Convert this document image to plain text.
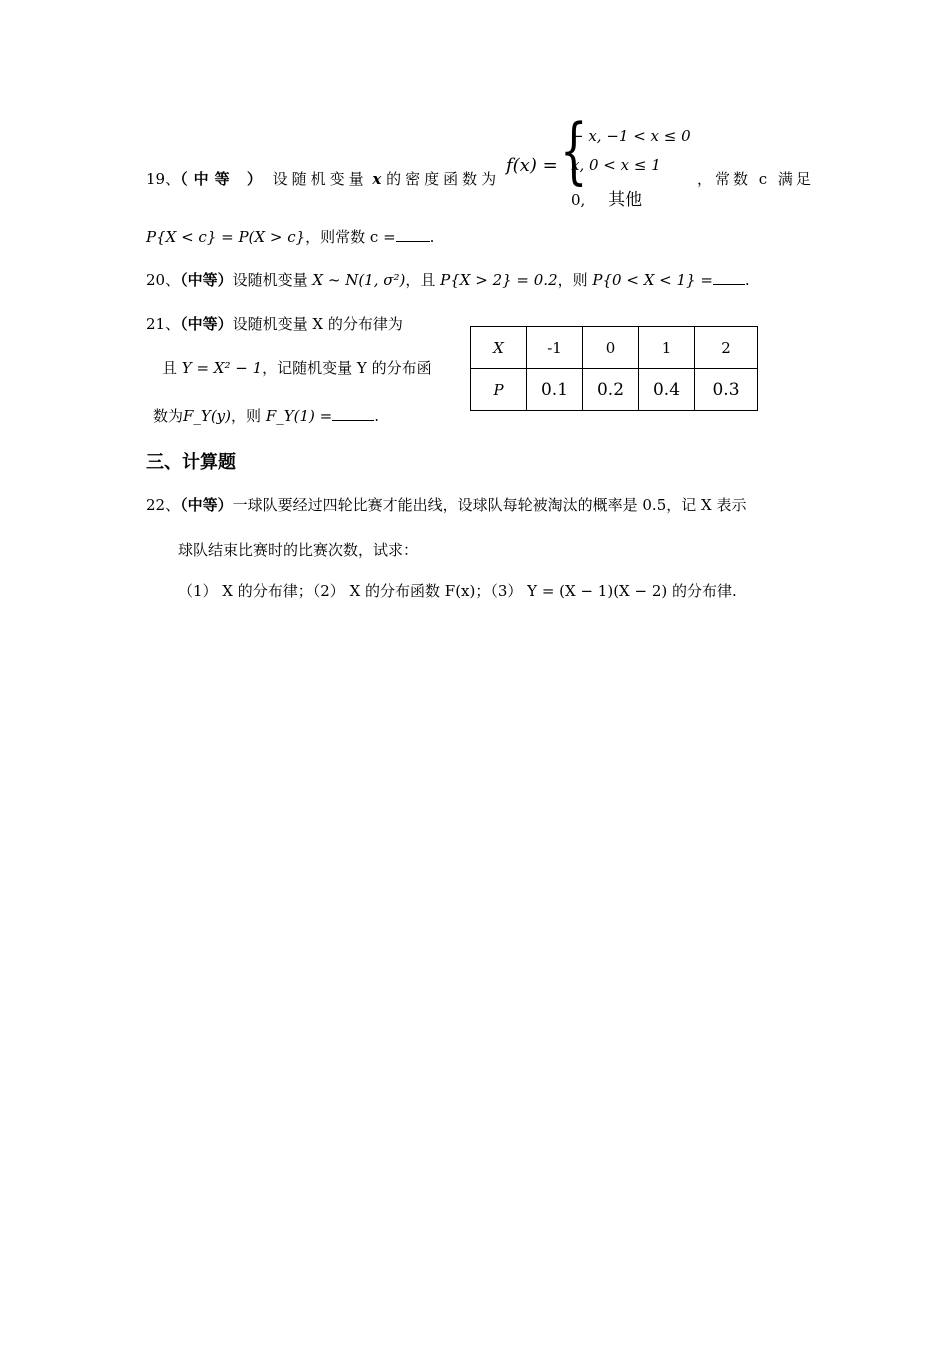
19、（中等 ） 设随机变量 x 的密度函数为
f(x) = {
− x, −1 < x ≤ 0
x, 0 < x ≤ 1
0, 其他
，常数 c 满足
P{X < c} = P(X > c}，则常数 c = .
20、（中等）设随机变量 X ~ N(1, σ²)，且 P{X > 2} = 0.2，则 P{0 < X < 1} = .
21、（中等）设随机变量 X 的分布律为
且 Y = X² − 1，记随机变量 Y 的分布函
数为F_Y(y)，则 F_Y(1) =	.
X	-1	0	1	2
P	0.1	0.2	0.4	0.3
三、计算题
22、（中等）一球队要经过四轮比赛才能出线，设球队每轮被淘汰的概率是 0.5，记 X 表示
球队结束比赛时的比赛次数，试求：
（1） X 的分布律；（2） X 的分布函数 F(x)；（3） Y = (X − 1)(X − 2) 的分布律.
